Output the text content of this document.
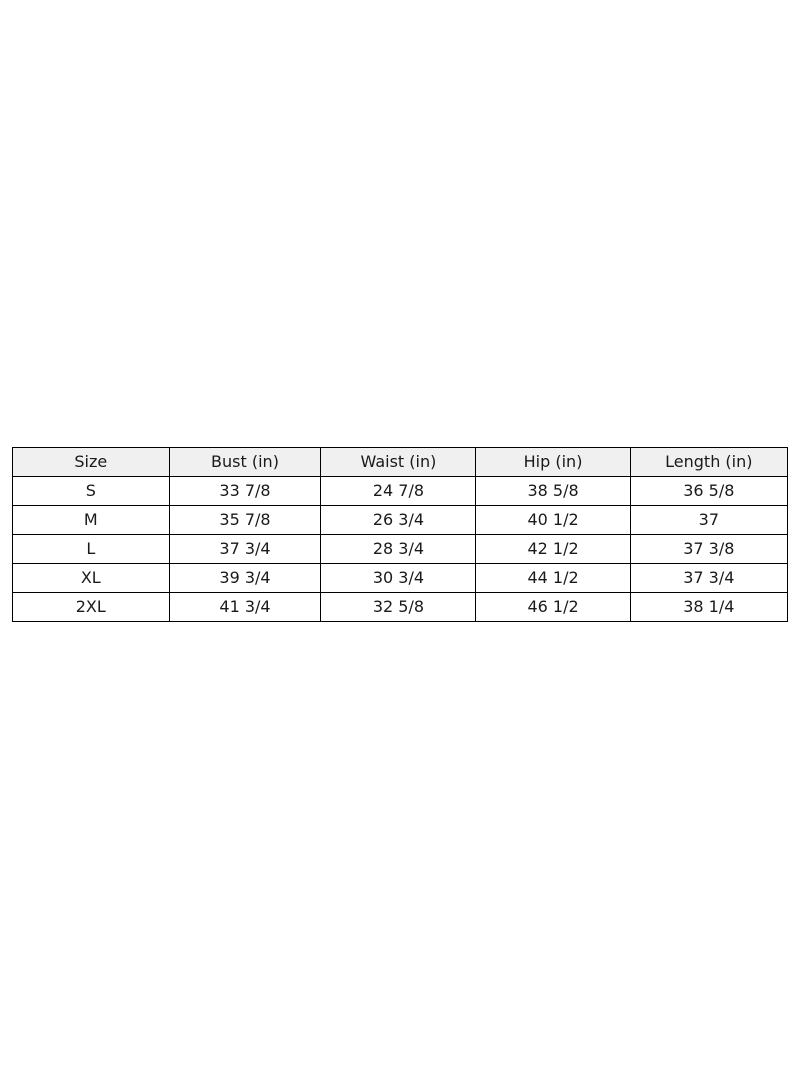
Size	Bust (in)	Waist (in)	Hip (in)	Length (in)
S	33 7/8	24 7/8	38 5/8	36 5/8
M	35 7/8	26 3/4	40 1/2	37
L	37 3/4	28 3/4	42 1/2	37 3/8
XL	39 3/4	30 3/4	44 1/2	37 3/4
2XL	41 3/4	32 5/8	46 1/2	38 1/4
